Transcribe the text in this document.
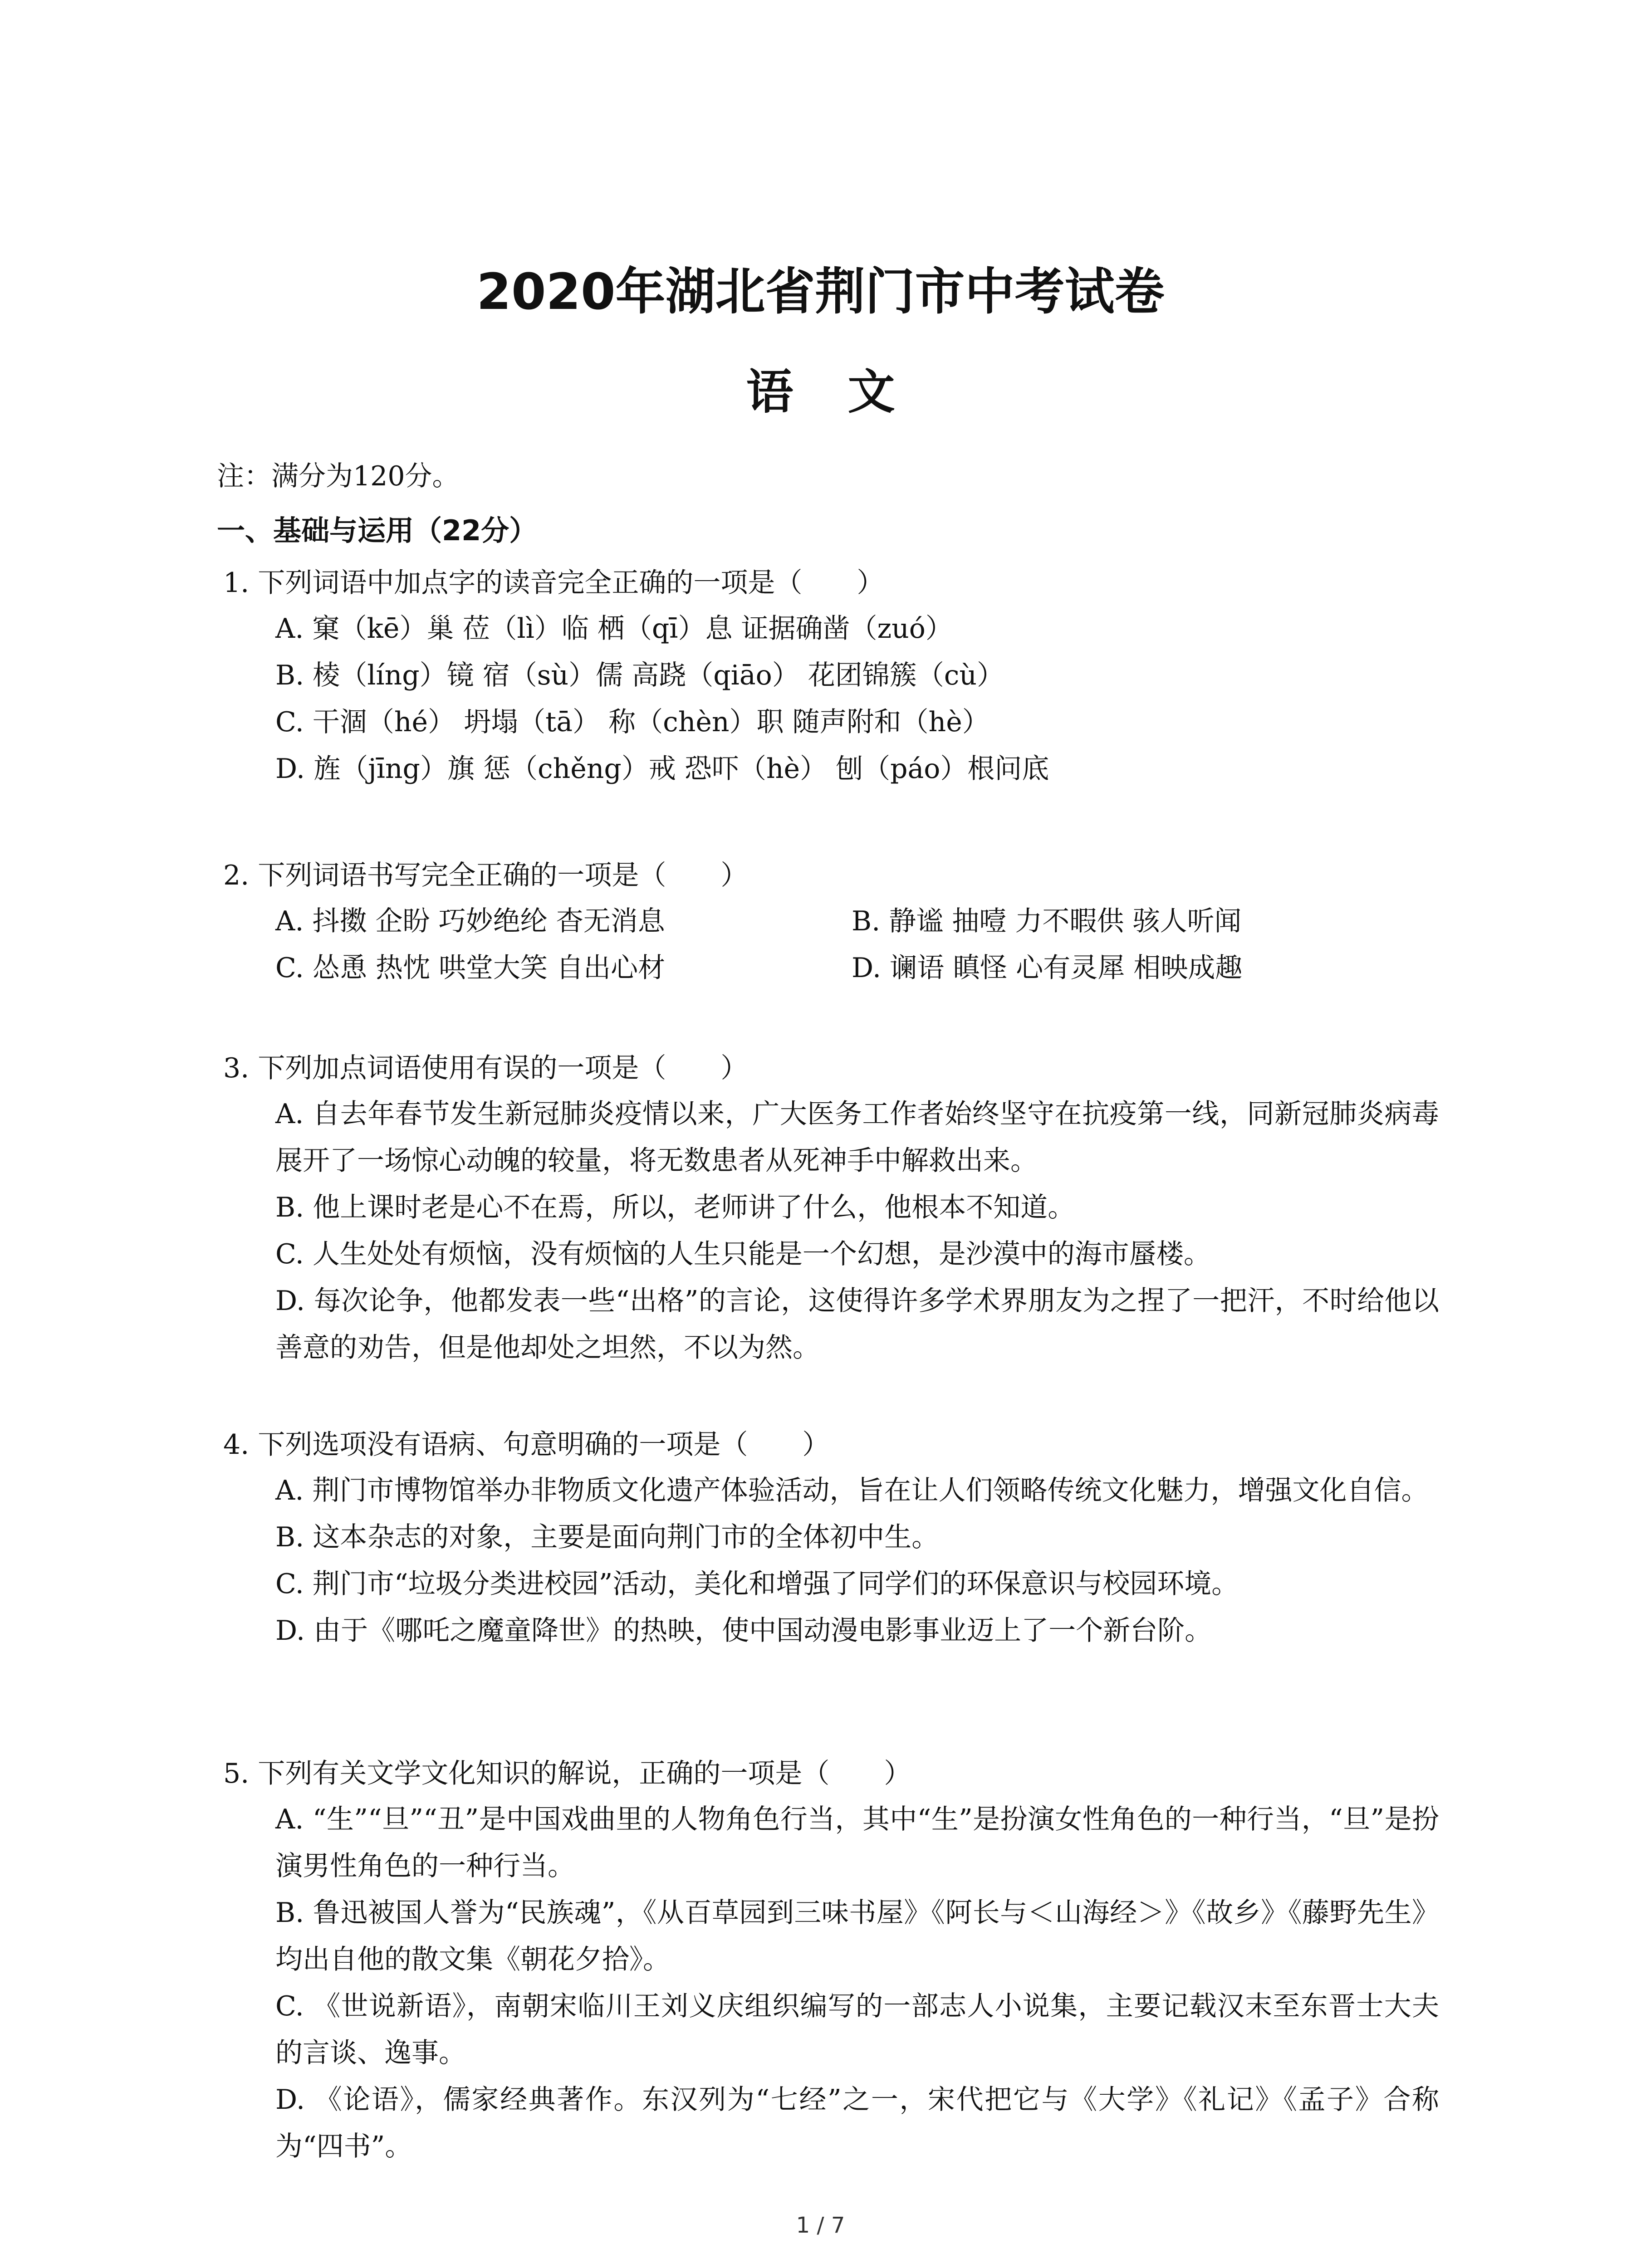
2020年湖北省荆门市中考试卷
语文
注：满分为120分。
一、基础与运用（22分）
1. 下列词语中加点字的读音完全正确的一项是（　　）
A. 窠（kē）巢 莅（lì）临 栖（qī）息 证据确凿（zuó）
B. 棱（líng）镜 宿（sù）儒 高跷（qiāo） 花团锦簇（cù）
C. 干涸（hé） 坍塌（tā） 称（chèn）职 随声附和（hè）
D. 旌（jīng）旗 惩（chěng）戒 恐吓（hè） 刨（páo）根问底
2. 下列词语书写完全正确的一项是（　　）
A. 抖擞 企盼 巧妙绝纶 杳无消息	B. 静谧 抽噎 力不暇供 骇人听闻
C. 怂恿 热忱 哄堂大笑 自出心材	D. 谰语 瞋怪 心有灵犀 相映成趣
3. 下列加点词语使用有误的一项是（　　）
A. 自去年春节发生新冠肺炎疫情以来，广大医务工作者始终坚守在抗疫第一线，同新冠肺炎病毒展开了一场惊心动魄的较量，将无数患者从死神手中解救出来。
B. 他上课时老是心不在焉，所以，老师讲了什么，他根本不知道。
C. 人生处处有烦恼，没有烦恼的人生只能是一个幻想，是沙漠中的海市蜃楼。
D. 每次论争，他都发表一些“出格”的言论，这使得许多学术界朋友为之捏了一把汗，不时给他以善意的劝告，但是他却处之坦然，不以为然。
4. 下列选项没有语病、句意明确的一项是（　　）
A. 荆门市博物馆举办非物质文化遗产体验活动，旨在让人们领略传统文化魅力，增强文化自信。
B. 这本杂志的对象，主要是面向荆门市的全体初中生。
C. 荆门市“垃圾分类进校园”活动，美化和增强了同学们的环保意识与校园环境。
D. 由于《哪吒之魔童降世》的热映，使中国动漫电影事业迈上了一个新台阶。
5. 下列有关文学文化知识的解说，正确的一项是（　　）
A. “生”“旦”“丑”是中国戏曲里的人物角色行当，其中“生”是扮演女性角色的一种行当，“旦”是扮演男性角色的一种行当。
B. 鲁迅被国人誉为“民族魂”，《从百草园到三味书屋》《阿长与＜山海经＞》《故乡》《藤野先生》均出自他的散文集《朝花夕拾》。
C. 《世说新语》，南朝宋临川王刘义庆组织编写的一部志人小说集，主要记载汉末至东晋士大夫的言谈、逸事。
D. 《论语》，儒家经典著作。东汉列为“七经”之一，宋代把它与《大学》《礼记》《孟子》合称为“四书”。
1 / 7
